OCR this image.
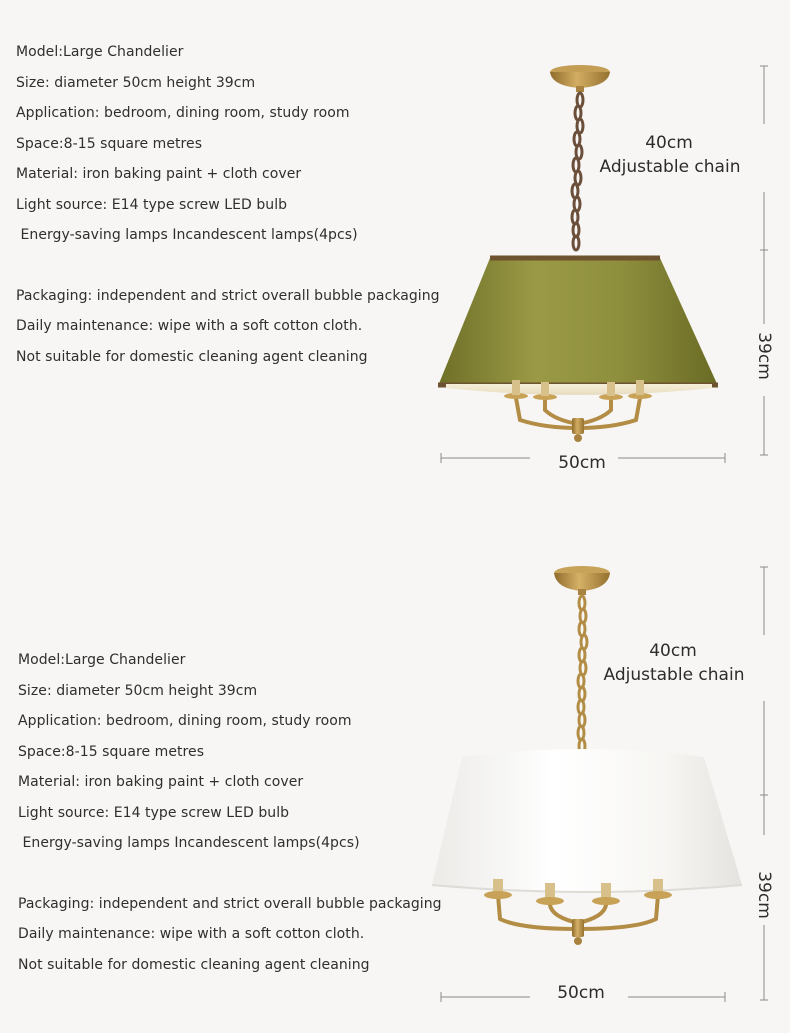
Model:Large Chandelier
Size: diameter 50cm height 39cm
Application: bedroom, dining room, study room
Space:8-15 square metres
Material: iron baking paint + cloth cover
Light source: E14 type screw LED bulb
Energy-saving lamps Incandescent lamps(4pcs)
Packaging: independent and strict overall bubble packaging
Daily maintenance: wipe with a soft cotton cloth.
Not suitable for domestic cleaning agent cleaning
40cm
Adjustable chain
39cm
50cm
Model:Large Chandelier
Size: diameter 50cm height 39cm
Application: bedroom, dining room, study room
Space:8-15 square metres
Material: iron baking paint + cloth cover
Light source: E14 type screw LED bulb
Energy-saving lamps Incandescent lamps(4pcs)
Packaging: independent and strict overall bubble packaging
Daily maintenance: wipe with a soft cotton cloth.
Not suitable for domestic cleaning agent cleaning
40cm
Adjustable chain
39cm
50cm
